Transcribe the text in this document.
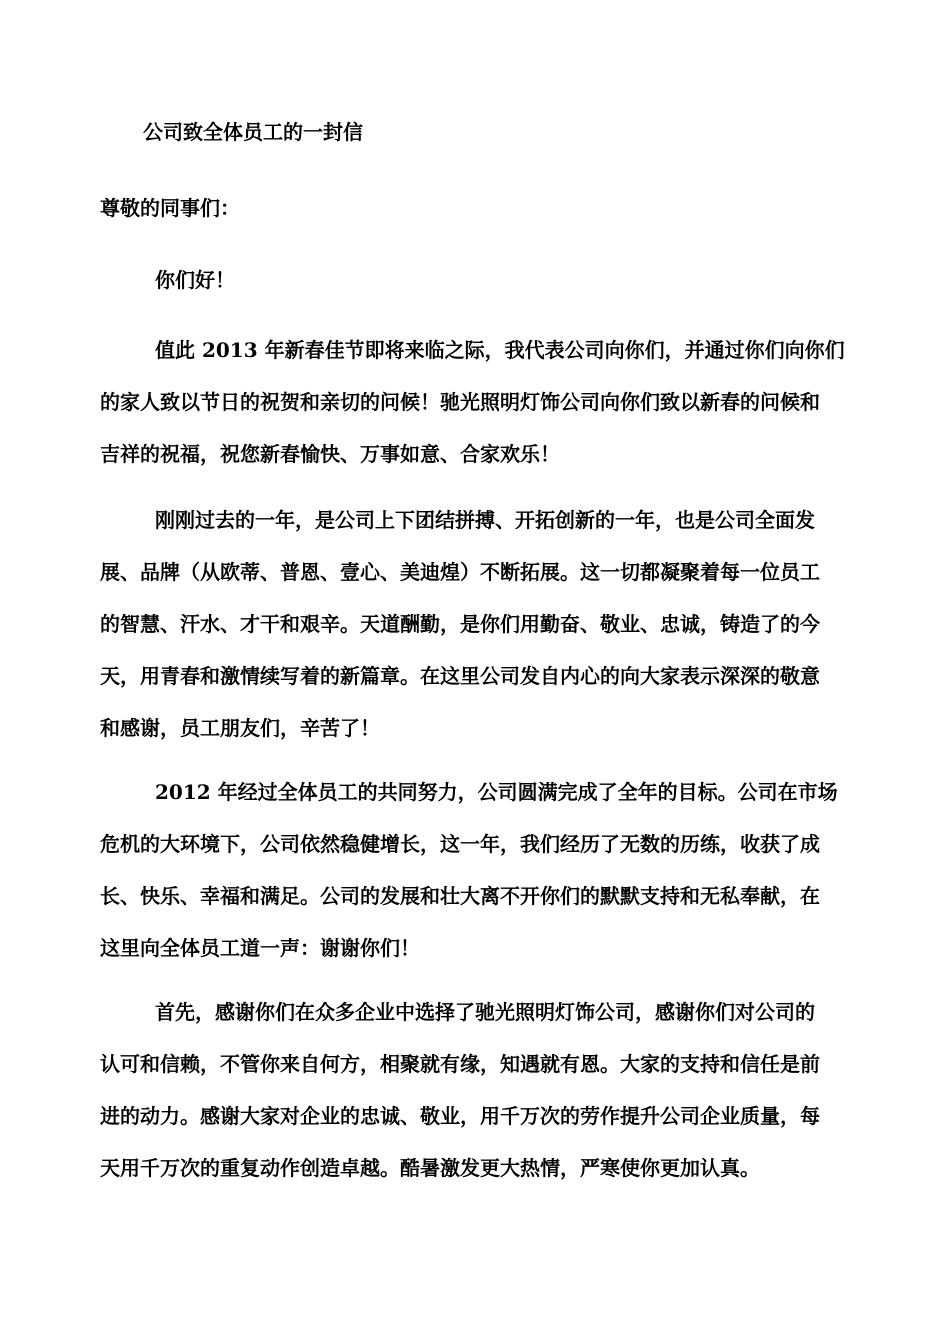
公司致全体员工的一封信
尊敬的同事们：
你们好！
值此 2013 年新春佳节即将来临之际，我代表公司向你们，并通过你们向你们
的家人致以节日的祝贺和亲切的问候！驰光照明灯饰公司向你们致以新春的问候和
吉祥的祝福，祝您新春愉快、万事如意、合家欢乐！
刚刚过去的一年，是公司上下团结拼搏、开拓创新的一年，也是公司全面发
展、品牌（从欧蒂、普恩、壹心、美迪煌）不断拓展。这一切都凝聚着每一位员工
的智慧、汗水、才干和艰辛。天道酬勤，是你们用勤奋、敬业、忠诚，铸造了的今
天，用青春和激情续写着的新篇章。在这里公司发自内心的向大家表示深深的敬意
和感谢，员工朋友们，辛苦了！
2012 年经过全体员工的共同努力，公司圆满完成了全年的目标。公司在市场
危机的大环境下，公司依然稳健增长，这一年，我们经历了无数的历练，收获了成
长、快乐、幸福和满足。公司的发展和壮大离不开你们的默默支持和无私奉献，在
这里向全体员工道一声：谢谢你们！
首先，感谢你们在众多企业中选择了驰光照明灯饰公司，感谢你们对公司的
认可和信赖，不管你来自何方，相聚就有缘，知遇就有恩。大家的支持和信任是前
进的动力。感谢大家对企业的忠诚、敬业，用千万次的劳作提升公司企业质量，每
天用千万次的重复动作创造卓越。酷暑激发更大热情，严寒使你更加认真。
